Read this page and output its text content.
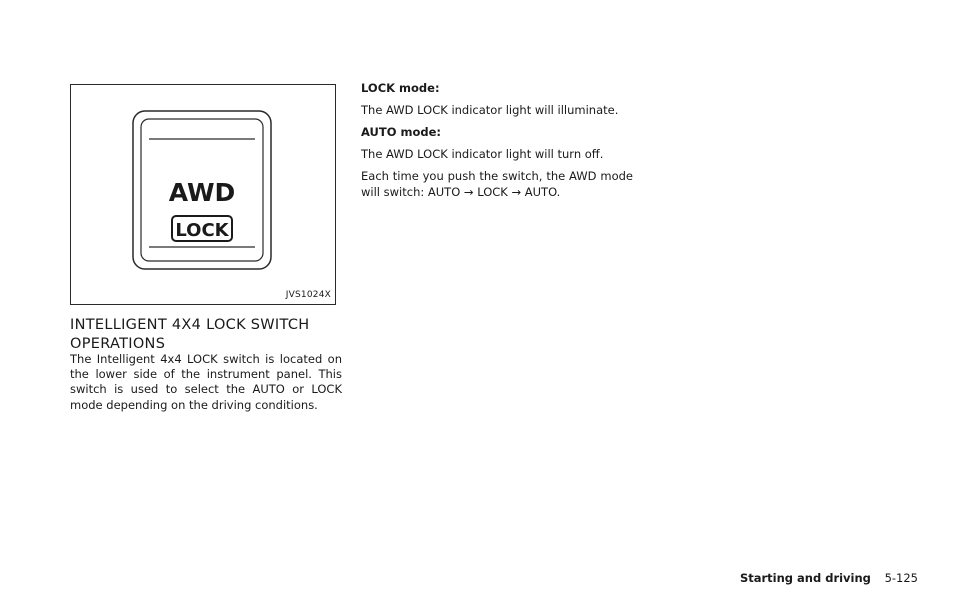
AWD
LOCK
JVS1024X
INTELLIGENT 4X4 LOCK SWITCH OPERATIONS

The Intelligent 4x4 LOCK switch is located on the lower side of the instrument panel. This switch is used to select the AUTO or LOCK mode depending on the driving conditions.

LOCK mode:

The AWD LOCK indicator light will illuminate.

AUTO mode:

The AWD LOCK indicator light will turn off.

Each time you push the switch, the AWD mode will switch: AUTO → LOCK → AUTO.

Starting and driving 5-125
